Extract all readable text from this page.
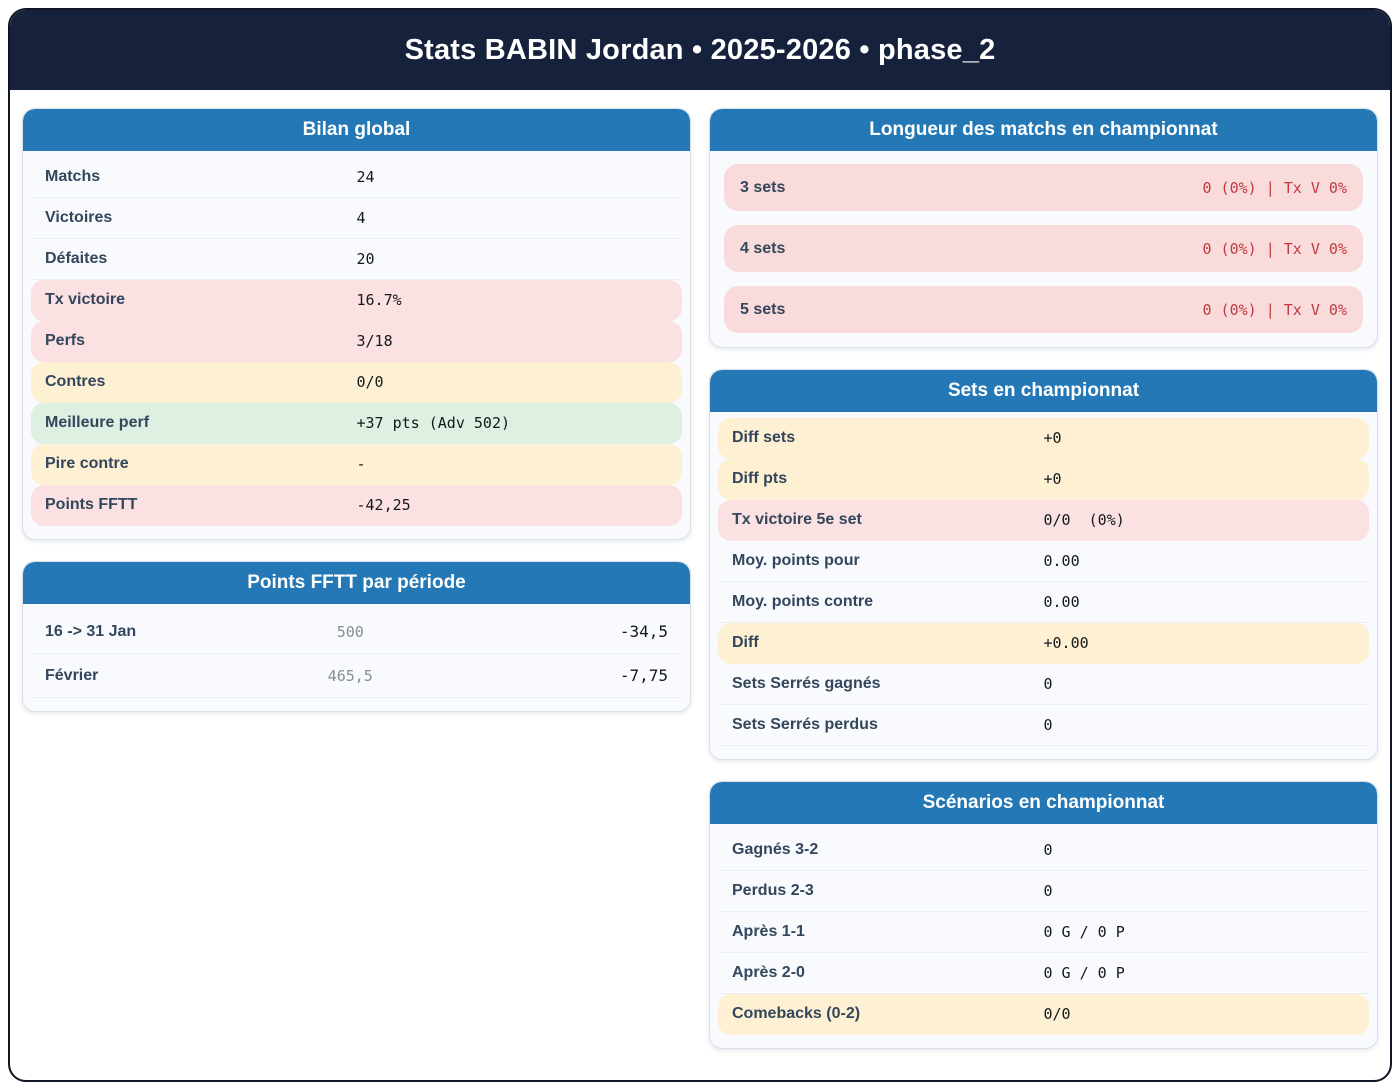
Stats BABIN Jordan • 2025-2026 • phase_2
Bilan global
Matchs	24
Victoires	4
Défaites	20
Tx victoire	16.7%
Perfs	3/18
Contres	0/0
Meilleure perf	+37 pts (Adv 502)
Pire contre	-
Points FFTT	-42,25
Points FFTT par période
16 -> 31 Jan	500	-34,5
Février	465,5	-7,75
Longueur des matchs en championnat
3 sets	0 (0%) | Tx V 0%
4 sets	0 (0%) | Tx V 0%
5 sets	0 (0%) | Tx V 0%
Sets en championnat
Diff sets	+0
Diff pts	+0
Tx victoire 5e set	0/0  (0%)
Moy. points pour	0.00
Moy. points contre	0.00
Diff	+0.00
Sets Serrés gagnés	0
Sets Serrés perdus	0
Scénarios en championnat
Gagnés 3-2	0
Perdus 2-3	0
Après 1-1	0 G / 0 P
Après 2-0	0 G / 0 P
Comebacks (0-2)	0/0
